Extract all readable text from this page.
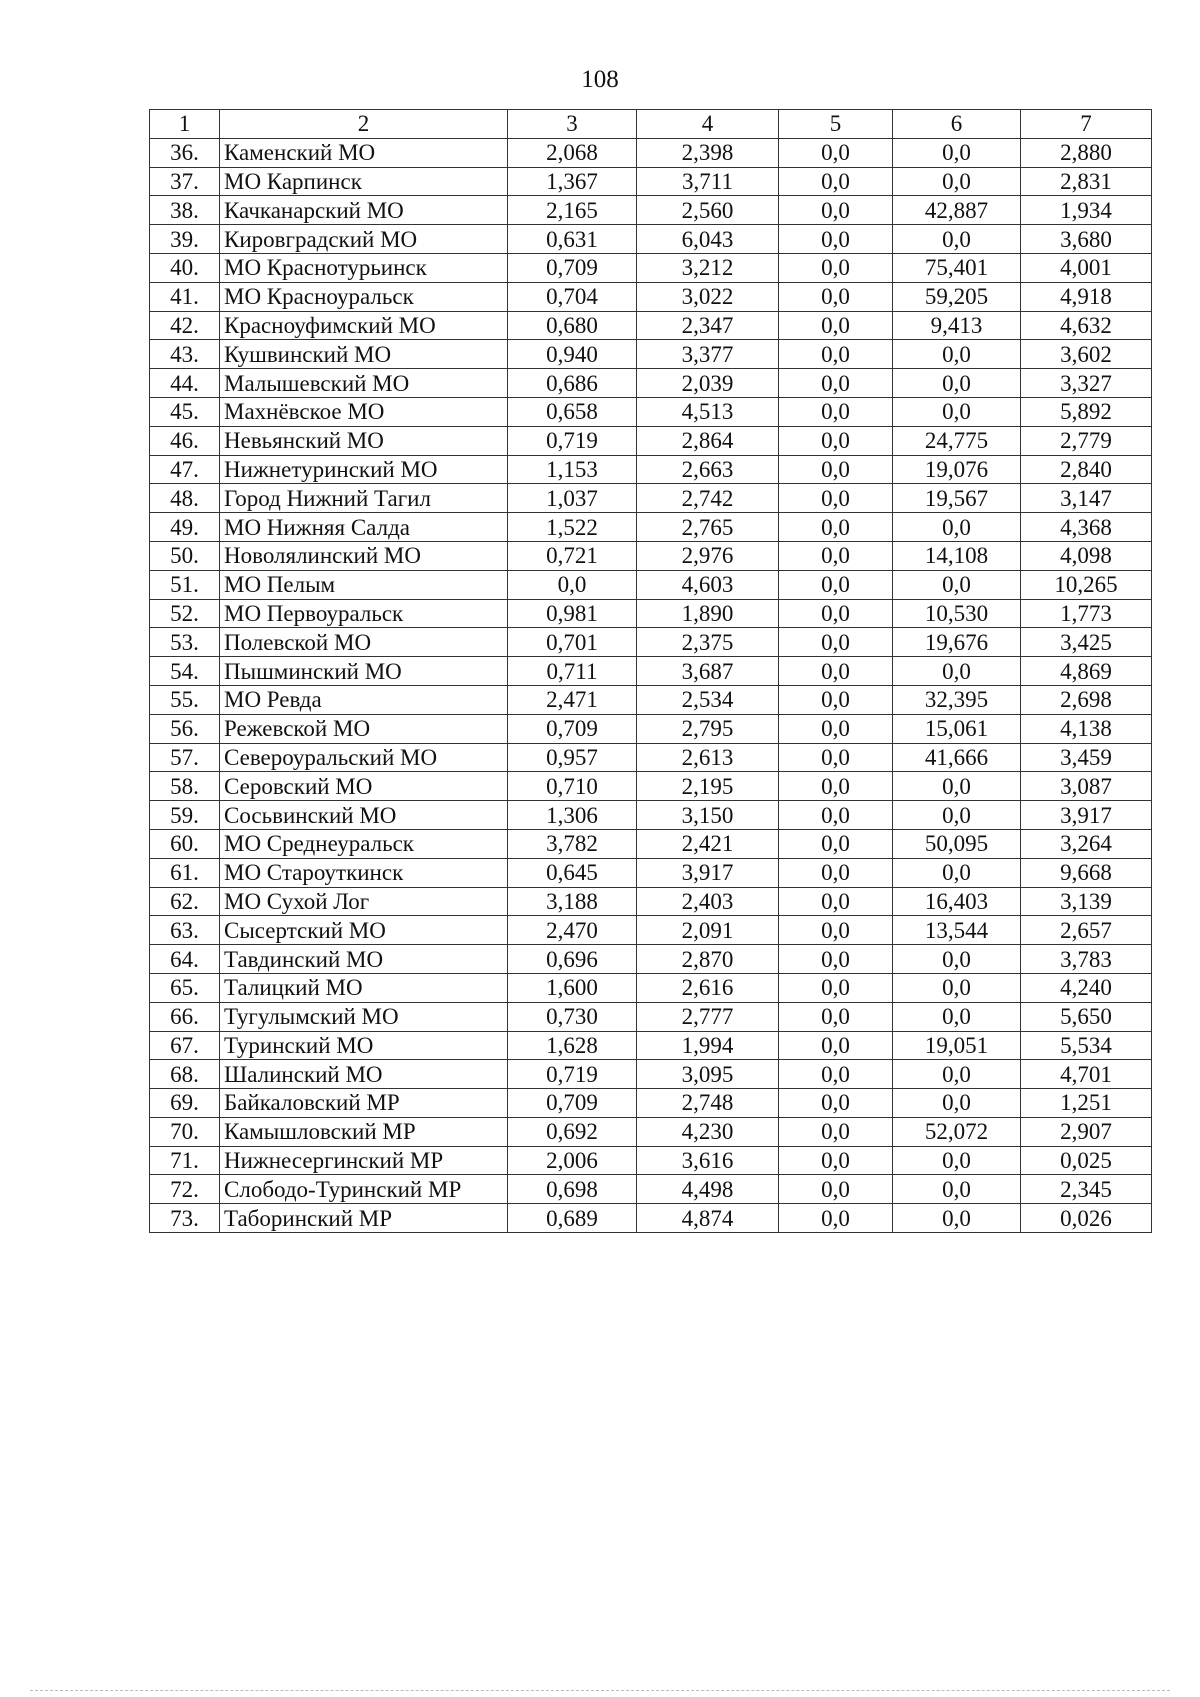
108
1	2	3	4	5	6	7
36.	Каменский МО	2,068	2,398	0,0	0,0	2,880
37.	МО Карпинск	1,367	3,711	0,0	0,0	2,831
38.	Качканарский МО	2,165	2,560	0,0	42,887	1,934
39.	Кировградский МО	0,631	6,043	0,0	0,0	3,680
40.	МО Краснотурьинск	0,709	3,212	0,0	75,401	4,001
41.	МО Красноуральск	0,704	3,022	0,0	59,205	4,918
42.	Красноуфимский МО	0,680	2,347	0,0	9,413	4,632
43.	Кушвинский МО	0,940	3,377	0,0	0,0	3,602
44.	Малышевский МО	0,686	2,039	0,0	0,0	3,327
45.	Махнёвское МО	0,658	4,513	0,0	0,0	5,892
46.	Невьянский МО	0,719	2,864	0,0	24,775	2,779
47.	Нижнетуринский МО	1,153	2,663	0,0	19,076	2,840
48.	Город Нижний Тагил	1,037	2,742	0,0	19,567	3,147
49.	МО Нижняя Салда	1,522	2,765	0,0	0,0	4,368
50.	Новолялинский МО	0,721	2,976	0,0	14,108	4,098
51.	МО Пелым	0,0	4,603	0,0	0,0	10,265
52.	МО Первоуральск	0,981	1,890	0,0	10,530	1,773
53.	Полевской МО	0,701	2,375	0,0	19,676	3,425
54.	Пышминский МО	0,711	3,687	0,0	0,0	4,869
55.	МО Ревда	2,471	2,534	0,0	32,395	2,698
56.	Режевской МО	0,709	2,795	0,0	15,061	4,138
57.	Североуральский МО	0,957	2,613	0,0	41,666	3,459
58.	Серовский МО	0,710	2,195	0,0	0,0	3,087
59.	Сосьвинский МО	1,306	3,150	0,0	0,0	3,917
60.	МО Среднеуральск	3,782	2,421	0,0	50,095	3,264
61.	МО Староуткинск	0,645	3,917	0,0	0,0	9,668
62.	МО Сухой Лог	3,188	2,403	0,0	16,403	3,139
63.	Сысертский МО	2,470	2,091	0,0	13,544	2,657
64.	Тавдинский МО	0,696	2,870	0,0	0,0	3,783
65.	Талицкий МО	1,600	2,616	0,0	0,0	4,240
66.	Тугулымский МО	0,730	2,777	0,0	0,0	5,650
67.	Туринский МО	1,628	1,994	0,0	19,051	5,534
68.	Шалинский МО	0,719	3,095	0,0	0,0	4,701
69.	Байкаловский МР	0,709	2,748	0,0	0,0	1,251
70.	Камышловский МР	0,692	4,230	0,0	52,072	2,907
71.	Нижнесергинский МР	2,006	3,616	0,0	0,0	0,025
72.	Слободо-Туринский МР	0,698	4,498	0,0	0,0	2,345
73.	Таборинский МР	0,689	4,874	0,0	0,0	0,026
